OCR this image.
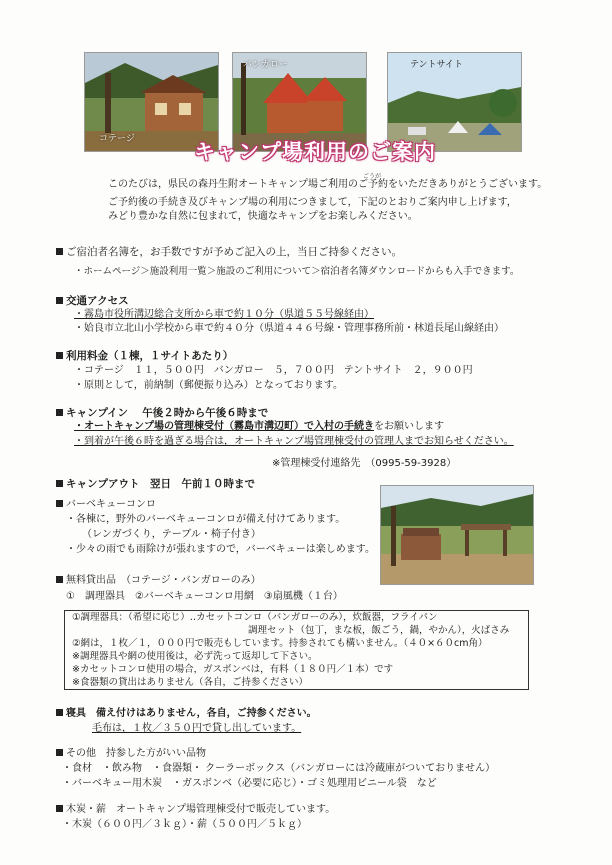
コテージ
バンガロー	テントサイト
キャンプ場利用のご案内
ごうが
このたびは，県民の森丹生附オートキャンプ場ご利用のご予約をいただきありがとうございます。
ご予約後の手続き及びキャンプ場の利用につきまして，下記のとおりご案内申し上げます，
みどり豊かな自然に包まれて，快適なキャンプをお楽しみください。
ご宿泊者名簿を，お手数ですが予めご記入の上，当日ご持参ください。
・ホームページ＞施設利用一覧＞施設のご利用について＞宿泊者名簿ダウンロードからも入手できます。
交通アクセス
・霧島市役所溝辺総合支所から車で約１０分（県道５５号線経由）
・姶良市立北山小学校から車で約４０分（県道４４６号線・管理事務所前・林道長尾山線経由）
利用料金（１棟，１サイトあたり）
・コテージ　１１，５００円　バンガロー　５，７００円　テントサイト　２，９００円
・原則として，前納制（郵便振り込み）となっております。
キャンプイン　 午後２時から午後６時まで
・オートキャンプ場の管理棟受付（霧島市溝辺町）で入村の手続きをお願いします
・到着が午後６時を過ぎる場合は，オートキャンプ場管理棟受付の管理人までお知らせください。
※管理棟受付連絡先　（0995-59-3928）
キャンプアウト　翌日　午前１０時まで
バーベキューコンロ
・各棟に，野外のバーベキューコンロが備え付けてあります。
（レンガづくり，テーブル・椅子付き）
・少々の雨でも雨除けが張れますので，バーベキューは楽しめます。
無料貸出品　（コテージ・バンガローのみ）
①　調理器具　②バーベキューコンロ用網　③扇風機（１台）
①調理器具：（希望に応じ）‥カセットコンロ（バンガローのみ），炊飯器，フライパン
調理セット（包丁，まな板，飯ごう，鍋，やかん），火ばさみ
②網は，１枚／１，０００円で販売もしています。持参されても構いません。（４０×６０cm角）
※調理器具や網の使用後は，必ず洗って返却して下さい。
※カセットコンロ使用の場合，ガスボンベは，有料（１８０円／１本）です
※食器類の貸出はありません（各自，ご持参ください）
寝具　備え付けはありません，各自，ご持参ください。
毛布は，１枚／３５０円で貸し出しています。
その他　持参した方がいい品物
・食材　・飲み物　・食器類・ クーラーボックス（バンガローには冷蔵庫がついておりません）
・バーベキュー用木炭　・ガスボンベ（必要に応じ）・ゴミ処理用ビニール袋　など
木炭・薪　オートキャンプ場管理棟受付で販売しています。
・木炭（６００円／３ｋｇ）・薪（５００円／５ｋｇ）
